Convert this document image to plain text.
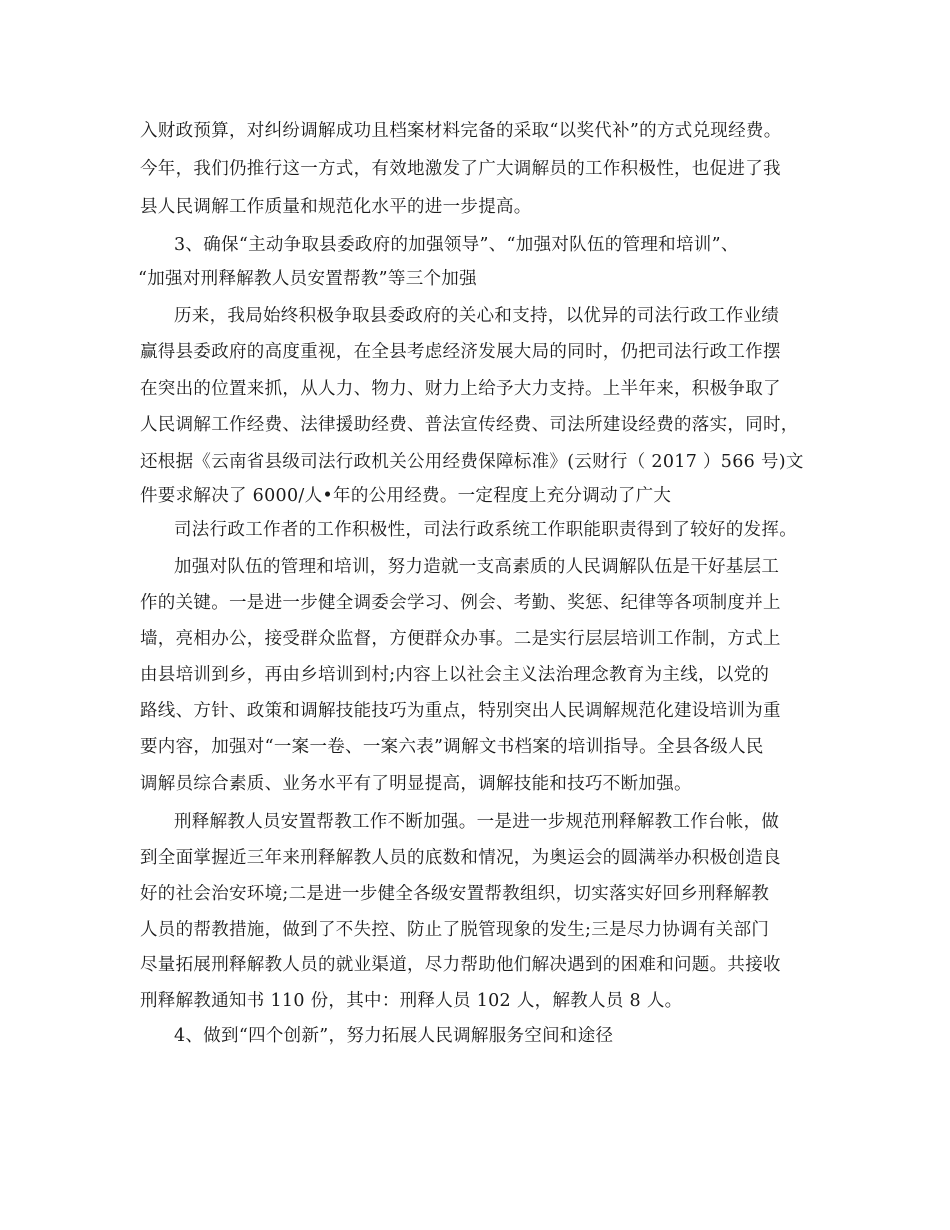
入财政预算，对纠纷调解成功且档案材料完备的采取“以奖代补”的方式兑现经费。
今年，我们仍推行这一方式，有效地激发了广大调解员的工作积极性，也促进了我
县人民调解工作质量和规范化水平的进一步提高。
3、确保“主动争取县委政府的加强领导”、“加强对队伍的管理和培训”、
“加强对刑释解教人员安置帮教”等三个加强
历来，我局始终积极争取县委政府的关心和支持，以优异的司法行政工作业绩
赢得县委政府的高度重视，在全县考虑经济发展大局的同时，仍把司法行政工作摆
在突出的位置来抓，从人力、物力、财力上给予大力支持。上半年来，积极争取了
人民调解工作经费、法律援助经费、普法宣传经费、司法所建设经费的落实，同时，
还根据《云南省县级司法行政机关公用经费保障标准》(云财行（ 2017 ）566 号)文
件要求解决了 6000/人•年的公用经费。一定程度上充分调动了广大
司法行政工作者的工作积极性，司法行政系统工作职能职责得到了较好的发挥。
加强对队伍的管理和培训，努力造就一支高素质的人民调解队伍是干好基层工
作的关键。一是进一步健全调委会学习、例会、考勤、奖惩、纪律等各项制度并上
墙，亮相办公，接受群众监督，方便群众办事。二是实行层层培训工作制，方式上
由县培训到乡，再由乡培训到村;内容上以社会主义法治理念教育为主线，以党的
路线、方针、政策和调解技能技巧为重点，特别突出人民调解规范化建设培训为重
要内容，加强对“一案一卷、一案六表”调解文书档案的培训指导。全县各级人民
调解员综合素质、业务水平有了明显提高，调解技能和技巧不断加强。
刑释解教人员安置帮教工作不断加强。一是进一步规范刑释解教工作台帐，做
到全面掌握近三年来刑释解教人员的底数和情况，为奥运会的圆满举办积极创造良
好的社会治安环境;二是进一步健全各级安置帮教组织，切实落实好回乡刑释解教
人员的帮教措施，做到了不失控、防止了脱管现象的发生;三是尽力协调有关部门
尽量拓展刑释解教人员的就业渠道，尽力帮助他们解决遇到的困难和问题。共接收
刑释解教通知书 110 份，其中：刑释人员 102 人，解教人员 8 人。
4、做到“四个创新”，努力拓展人民调解服务空间和途径
